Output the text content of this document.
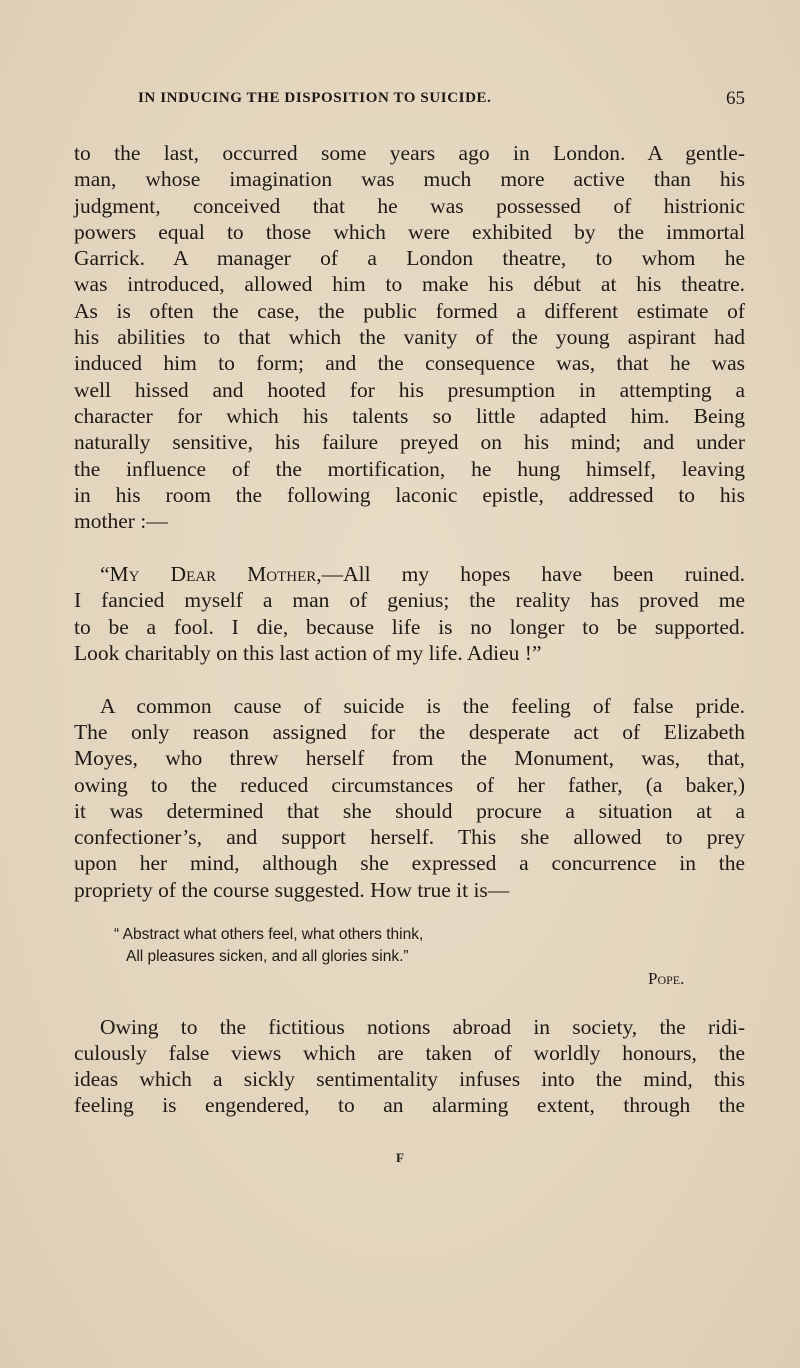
IN INDUCING THE DISPOSITION TO SUICIDE.	65
to the last, occurred some years ago in London. A gentle-
man, whose imagination was much more active than his
judgment, conceived that he was possessed of histrionic
powers equal to those which were exhibited by the immortal
Garrick. A manager of a London theatre, to whom he
was introduced, allowed him to make his début at his theatre.
As is often the case, the public formed a different estimate of
his abilities to that which the vanity of the young aspirant had
induced him to form; and the consequence was, that he was
well hissed and hooted for his presumption in attempting a
character for which his talents so little adapted him. Being
naturally sensitive, his failure preyed on his mind; and under
the influence of the mortification, he hung himself, leaving
in his room the following laconic epistle, addressed to his
mother :—
“My Dear Mother,—All my hopes have been ruined.
I fancied myself a man of genius; the reality has proved me
to be a fool. I die, because life is no longer to be supported.
Look charitably on this last action of my life. Adieu !”
A common cause of suicide is the feeling of false pride.
The only reason assigned for the desperate act of Elizabeth
Moyes, who threw herself from the Monument, was, that,
owing to the reduced circumstances of her father, (a baker,)
it was determined that she should procure a situation at a
confectioner’s, and support herself. This she allowed to prey
upon her mind, although she expressed a concurrence in the
propriety of the course suggested. How true it is—
“ Abstract what others feel, what others think,
All pleasures sicken, and all glories sink.”
Pope.
Owing to the fictitious notions abroad in society, the ridi-
culously false views which are taken of worldly honours, the
ideas which a sickly sentimentality infuses into the mind, this
feeling is engendered, to an alarming extent, through the
F
